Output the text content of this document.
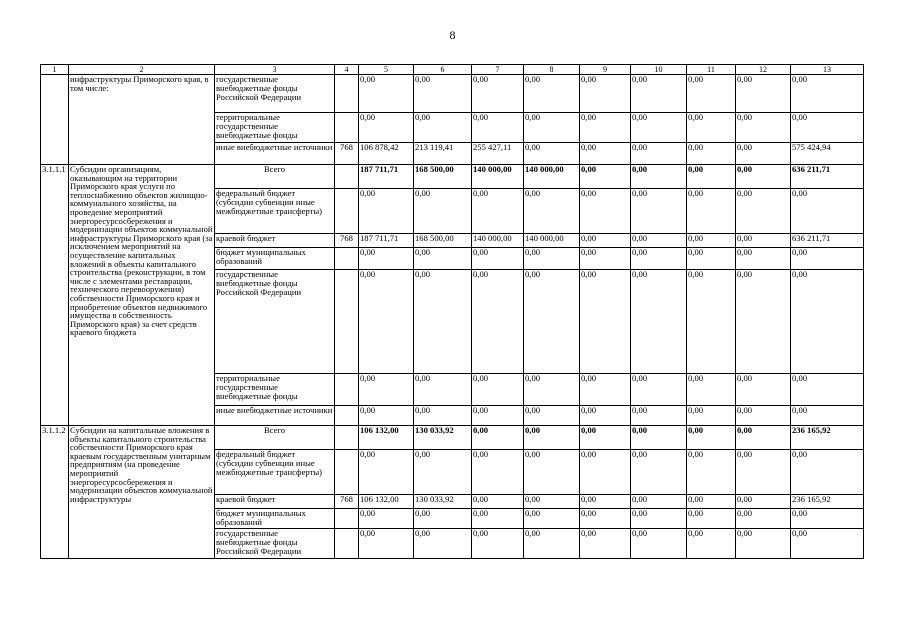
8
1	2	3	4	5	6	7	8	9	10	11	12	13
	инфраструктуры Приморского края, в том числе:	государственные внебюджетные фонды Российской Федерации		0,00	0,00	0,00	0,00	0,00	0,00	0,00	0,00	0,00
		территориальные государственные внебюджетные фонды		0,00	0,00	0,00	0,00	0,00	0,00	0,00	0,00	0,00
		иные внебюджетные источники	768	106 878,42	213 119,41	255 427,11	0,00	0,00	0,00	0,00	0,00	575 424,94
3.1.1.1	Субсидии организациям, оказывающим на территории Приморского края услуги по теплоснабжению объектов жилищно-коммунального хозяйства, на проведение мероприятий энергоресурсосбережения и модернизации объектов коммунальной инфраструктуры Приморского края (за исключением мероприятий на осуществление капитальных вложений в объекты капитального строительства (реконструкции, в том числе с элементами реставрации, технического перевооружения) собственности Приморского края и приобретение объектов недвижимого имущества в собственность Приморского края) за счет средств краевого бюджета	Всего		187 711,71	168 500,00	140 000,00	140 000,00	0,00	0,00	0,00	0,00	636 211,71
		федеральный бюджет (субсидии субвенции иные межбюджетные трансферты)		0,00	0,00	0,00	0,00	0,00	0,00	0,00	0,00	0,00
		краевой бюджет	768	187 711,71	168 500,00	140 000,00	140 000,00	0,00	0,00	0,00	0,00	636 211,71
		бюджет муниципальных образований		0,00	0,00	0,00	0,00	0,00	0,00	0,00	0,00	0,00
		государственные внебюджетные фонды Российской Федерации		0,00	0,00	0,00	0,00	0,00	0,00	0,00	0,00	0,00
		территориальные государственные внебюджетные фонды		0,00	0,00	0,00	0,00	0,00	0,00	0,00	0,00	0,00
		иные внебюджетные источники		0,00	0,00	0,00	0,00	0,00	0,00	0,00	0,00	0,00
3.1.1.2	Субсидии на капитальные вложения в объекты капитального строительства собственности Приморского края краевым государственным унитарным предприятиям (на проведение мероприятий энергоресурсосбережения и модернизации объектов коммунальной инфраструктуры	Всего		106 132,00	130 033,92	0,00	0,00	0,00	0,00	0,00	0,00	236 165,92
		федеральный бюджет (субсидии субвенции иные межбюджетные трансферты)		0,00	0,00	0,00	0,00	0,00	0,00	0,00	0,00	0,00
		краевой бюджет	768	106 132,00	130 033,92	0,00	0,00	0,00	0,00	0,00	0,00	236 165,92
		бюджет муниципальных образований		0,00	0,00	0,00	0,00	0,00	0,00	0,00	0,00	0,00
		государственные внебюджетные фонды Российской Федерации		0,00	0,00	0,00	0,00	0,00	0,00	0,00	0,00	0,00
